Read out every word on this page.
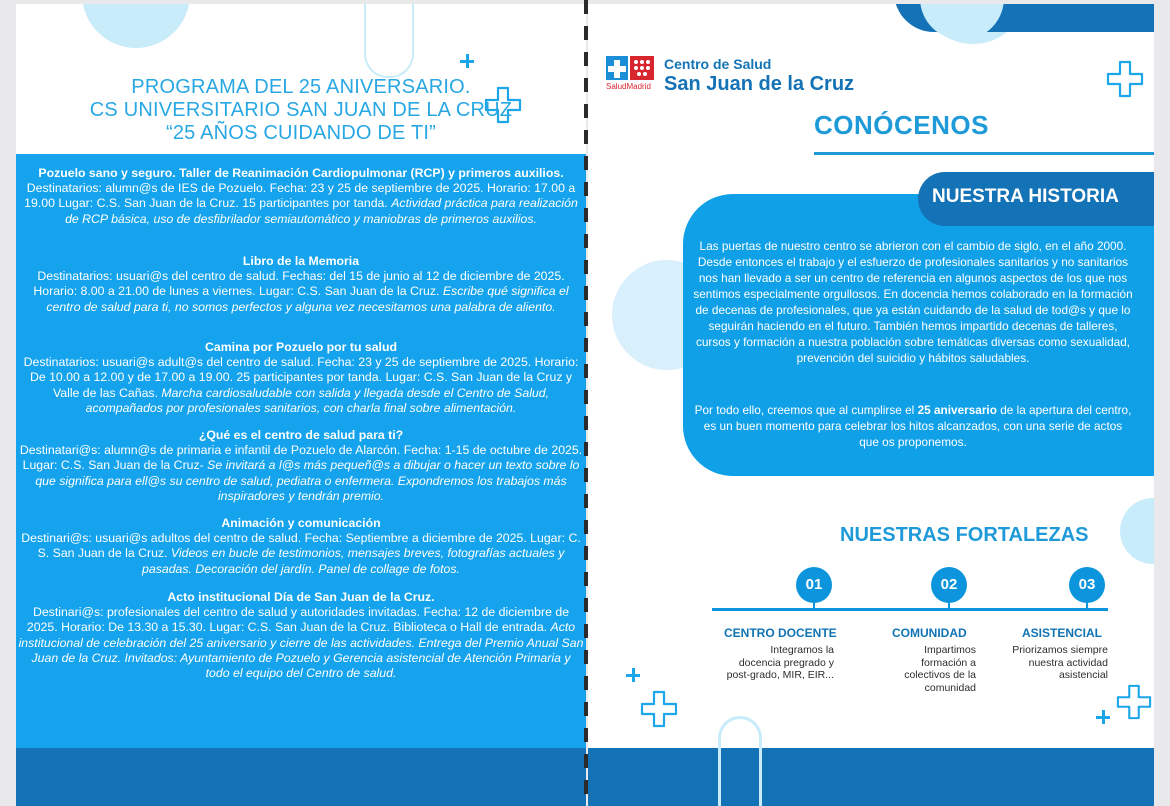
PROGRAMA DEL 25 ANIVERSARIO.
CS UNIVERSITARIO SAN JUAN DE LA CRUZ
“25 AÑOS CUIDANDO DE TI”
Pozuelo sano y seguro. Taller de Reanimación Cardiopulmonar (RCP) y primeros auxilios.
Destinatarios: alumn@s de IES de Pozuelo. Fecha: 23 y 25 de septiembre de 2025. Horario: 17.00 a 19.00 Lugar: C.S. San Juan de la Cruz. 15 participantes por tanda. Actividad práctica para realización de RCP básica, uso de desfibrilador semiautomático y maniobras de primeros auxilios.
Libro de la Memoria
Destinatarios: usuari@s del centro de salud. Fechas: del 15 de junio al 12 de diciembre de 2025. Horario: 8.00 a 21.00 de lunes a viernes. Lugar: C.S. San Juan de la Cruz. Escribe qué significa el centro de salud para ti, no somos perfectos y alguna vez necesitamos una palabra de aliento.
Camina por Pozuelo por tu salud
Destinatarios: usuari@s adult@s del centro de salud. Fecha: 23 y 25 de septiembre de 2025. Horario: De 10.00 a 12.00 y de 17.00 a 19.00. 25 participantes por tanda. Lugar: C.S. San Juan de la Cruz y Valle de las Cañas. Marcha cardiosaludable con salida y llegada desde el Centro de Salud, acompañados por profesionales sanitarios, con charla final sobre alimentación.
¿Qué es el centro de salud para ti?
Destinatari@s: alumn@s de primaria e infantil de Pozuelo de Alarcón. Fecha: 1-15 de octubre de 2025. Lugar: C.S. San Juan de la Cruz- Se invitará a l@s más pequeñ@s a dibujar o hacer un texto sobre lo que significa para ell@s su centro de salud, pediatra o enfermera. Expondremos los trabajos más inspiradores y tendrán premio.
Animación y comunicación
Destinari@s: usuari@s adultos del centro de salud. Fecha: Septiembre a diciembre de 2025. Lugar: C. S. San Juan de la Cruz. Videos en bucle de testimonios, mensajes breves, fotografías actuales y pasadas. Decoración del jardín. Panel de collage de fotos.
Acto institucional Día de San Juan de la Cruz.
Destinari@s: profesionales del centro de salud y autoridades invitadas. Fecha: 12 de diciembre de 2025. Horario: De 13.30 a 15.30. Lugar: C.S. San Juan de la Cruz. Biblioteca o Hall de entrada. Acto institucional de celebración del 25 aniversario y cierre de las actividades. Entrega del Premio Anual San Juan de la Cruz. Invitados: Ayuntamiento de Pozuelo y Gerencia asistencial de Atención Primaria y todo el equipo del Centro de salud.
SaludMadrid
Centro de Salud
San Juan de la Cruz
CONÓCENOS
NUESTRA HISTORIA
Las puertas de nuestro centro se abrieron con el cambio de siglo, en el año 2000. Desde entonces el trabajo y el esfuerzo de profesionales sanitarios y no sanitarios nos han llevado a ser un centro de referencia en algunos aspectos de los que nos sentimos especialmente orgullosos. En docencia hemos colaborado en la formación de decenas de profesionales, que ya están cuidando de la salud de tod@s y que lo seguirán haciendo en el futuro. También hemos impartido decenas de talleres, cursos y formación a nuestra población sobre temáticas diversas como sexualidad, prevención del suicidio y hábitos saludables.
Por todo ello, creemos que al cumplirse el 25 aniversario de la apertura del centro, es un buen momento para celebrar los hitos alcanzados, con una serie de actos que os proponemos.
NUESTRAS FORTALEZAS
01	02	03
CENTRO DOCENTE	COMUNIDAD	ASISTENCIAL
Integramos la
docencia pregrado y
post-grado, MIR, EIR...
Impartimos
formación a
colectivos de la
comunidad
Priorizamos siempre
nuestra actividad
asistencial
